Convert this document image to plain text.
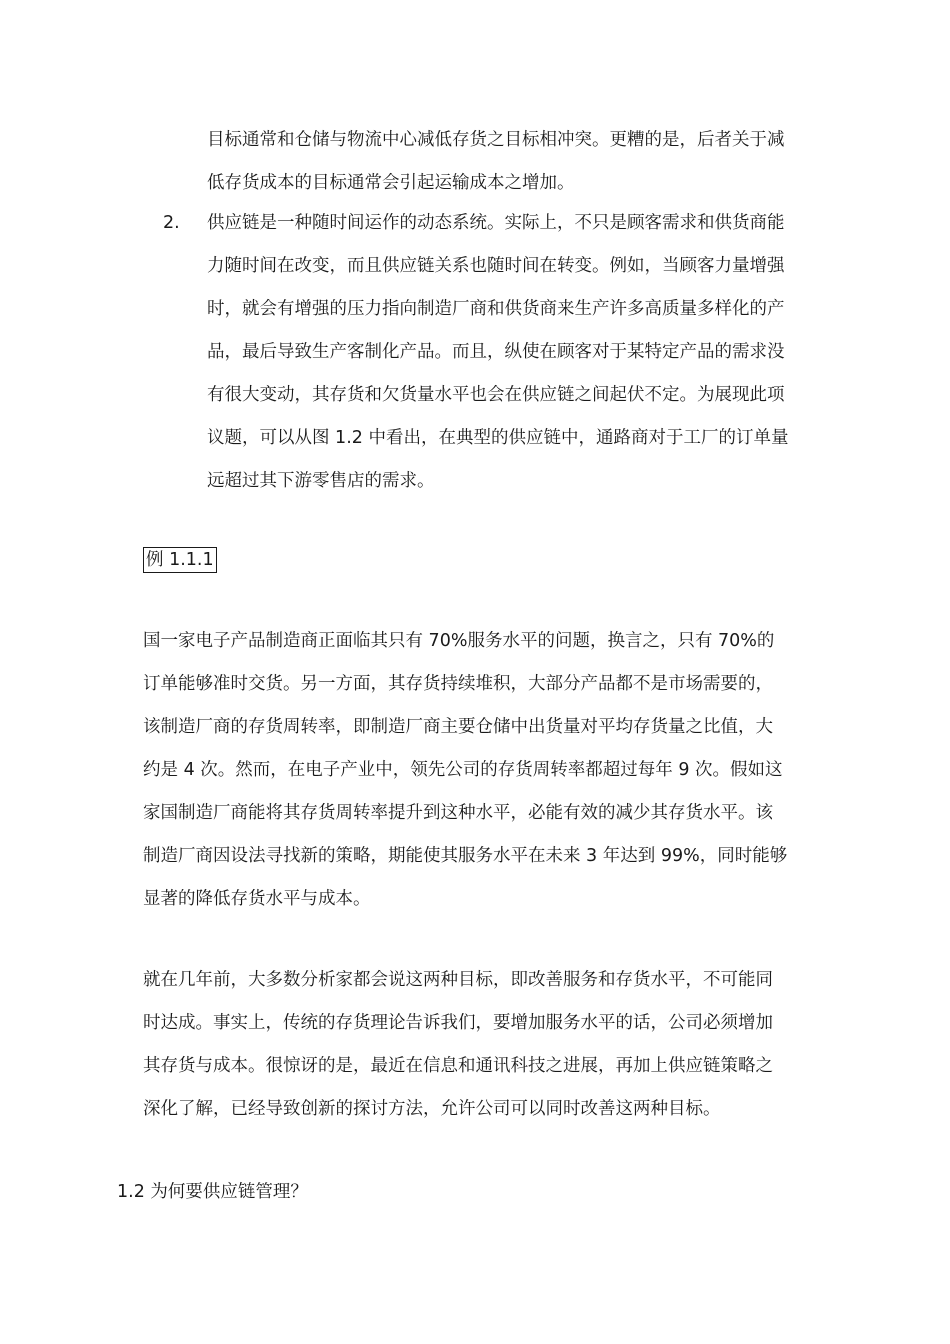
目标通常和仓储与物流中心减低存货之目标相冲突。更糟的是，后者关于减

低存货成本的目标通常会引起运输成本之增加。

2. 供应链是一种随时间运作的动态系统。实际上，不只是顾客需求和供货商能

力随时间在改变，而且供应链关系也随时间在转变。例如，当顾客力量增强

时，就会有增强的压力指向制造厂商和供货商来生产许多高质量多样化的产

品，最后导致生产客制化产品。而且，纵使在顾客对于某特定产品的需求没

有很大变动，其存货和欠货量水平也会在供应链之间起伏不定。为展现此项

议题，可以从图 1.2 中看出，在典型的供应链中，通路商对于工厂的订单量

远超过其下游零售店的需求。

例 1.1.1

国一家电子产品制造商正面临其只有 70%服务水平的问题，换言之，只有 70%的

订单能够准时交货。另一方面，其存货持续堆积，大部分产品都不是市场需要的，

该制造厂商的存货周转率，即制造厂商主要仓储中出货量对平均存货量之比值，大

约是 4 次。然而，在电子产业中，领先公司的存货周转率都超过每年 9 次。假如这

家国制造厂商能将其存货周转率提升到这种水平，必能有效的减少其存货水平。该

制造厂商因设法寻找新的策略，期能使其服务水平在未来 3 年达到 99%，同时能够

显著的降低存货水平与成本。

就在几年前，大多数分析家都会说这两种目标，即改善服务和存货水平，不可能同

时达成。事实上，传统的存货理论告诉我们，要增加服务水平的话，公司必须增加

其存货与成本。很惊讶的是，最近在信息和通讯科技之进展，再加上供应链策略之

深化了解，已经导致创新的探讨方法，允许公司可以同时改善这两种目标。

1.2 为何要供应链管理？
